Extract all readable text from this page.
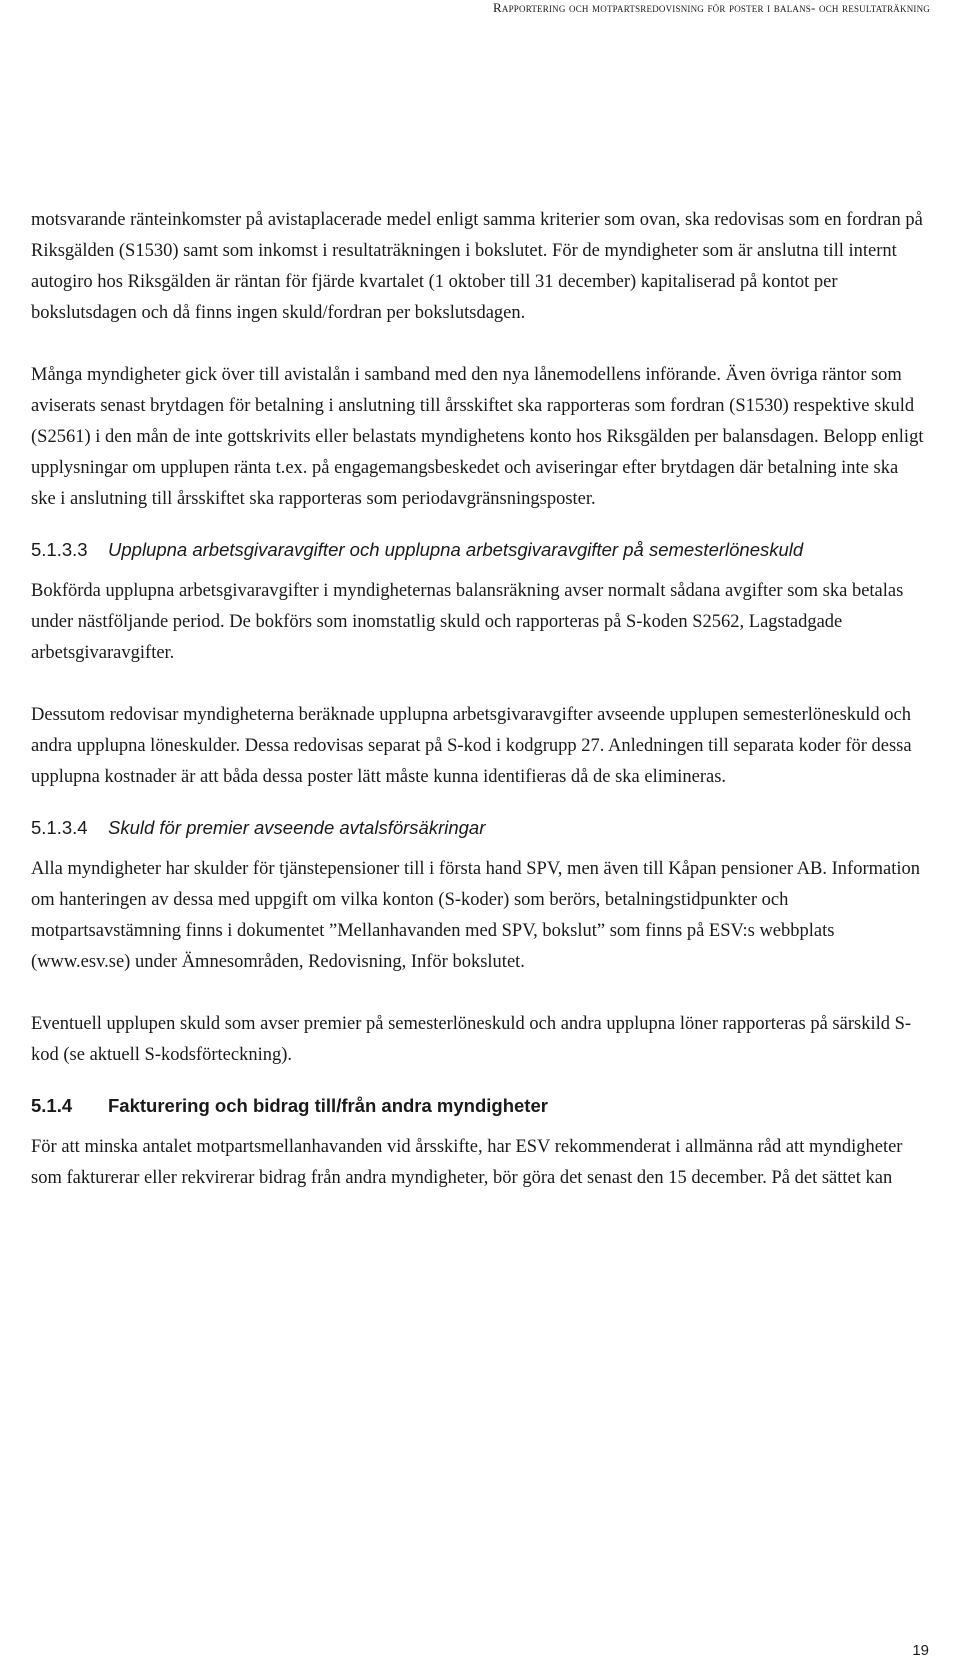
Rapportering och motpartsredovisning för poster i balans- och resultaträkning

motsvarande ränteinkomster på avistaplacerade medel enligt samma kriterier som ovan, ska redovisas som en fordran på Riksgälden (S1530) samt som inkomst i resultaträkningen i bokslutet. För de myndigheter som är anslutna till internt autogiro hos Riksgälden är räntan för fjärde kvartalet (1 oktober till 31 december) kapitaliserad på kontot per bokslutsdagen och då finns ingen skuld/fordran per bokslutsdagen.

Många myndigheter gick över till avistalån i samband med den nya lånemodellens införande. Även övriga räntor som aviserats senast brytdagen för betalning i anslutning till årsskiftet ska rapporteras som fordran (S1530) respektive skuld (S2561) i den mån de inte gottskrivits eller belastats myndighetens konto hos Riksgälden per balansdagen. Belopp enligt upplysningar om upplupen ränta t.ex. på engagemangsbeskedet och aviseringar efter brytdagen där betalning inte ska ske i anslutning till årsskiftet ska rapporteras som periodavgränsningsposter.

5.1.3.3	Upplupna arbetsgivaravgifter och upplupna arbetsgivaravgifter på semesterlöneskuld

Bokförda upplupna arbetsgivaravgifter i myndigheternas balansräkning avser normalt sådana avgifter som ska betalas under nästföljande period. De bokförs som inomstatlig skuld och rapporteras på S-koden S2562, Lagstadgade arbetsgivaravgifter.

Dessutom redovisar myndigheterna beräknade upplupna arbetsgivaravgifter avseende upplupen semesterlöneskuld och andra upplupna löneskulder. Dessa redovisas separat på S-kod i kodgrupp 27. Anledningen till separata koder för dessa upplupna kostnader är att båda dessa poster lätt måste kunna identifieras då de ska elimineras.

5.1.3.4	Skuld för premier avseende avtalsförsäkringar

Alla myndigheter har skulder för tjänstepensioner till i första hand SPV, men även till Kåpan pensioner AB. Information om hanteringen av dessa med uppgift om vilka konton (S-koder) som berörs, betalningstidpunkter och motpartsavstämning finns i dokumentet ”Mellanhavanden med SPV, bokslut” som finns på ESV:s webbplats (www.esv.se) under Ämnesområden, Redovisning, Inför bokslutet.

Eventuell upplupen skuld som avser premier på semesterlöneskuld och andra upplupna löner rapporteras på särskild S-kod (se aktuell S-kodsförteckning).

5.1.4	Fakturering och bidrag till/från andra myndigheter

För att minska antalet motpartsmellanhavanden vid årsskifte, har ESV rekommenderat i allmänna råd att myndigheter som fakturerar eller rekvirerar bidrag från andra myndigheter, bör göra det senast den 15 december. På det sättet kan

19
